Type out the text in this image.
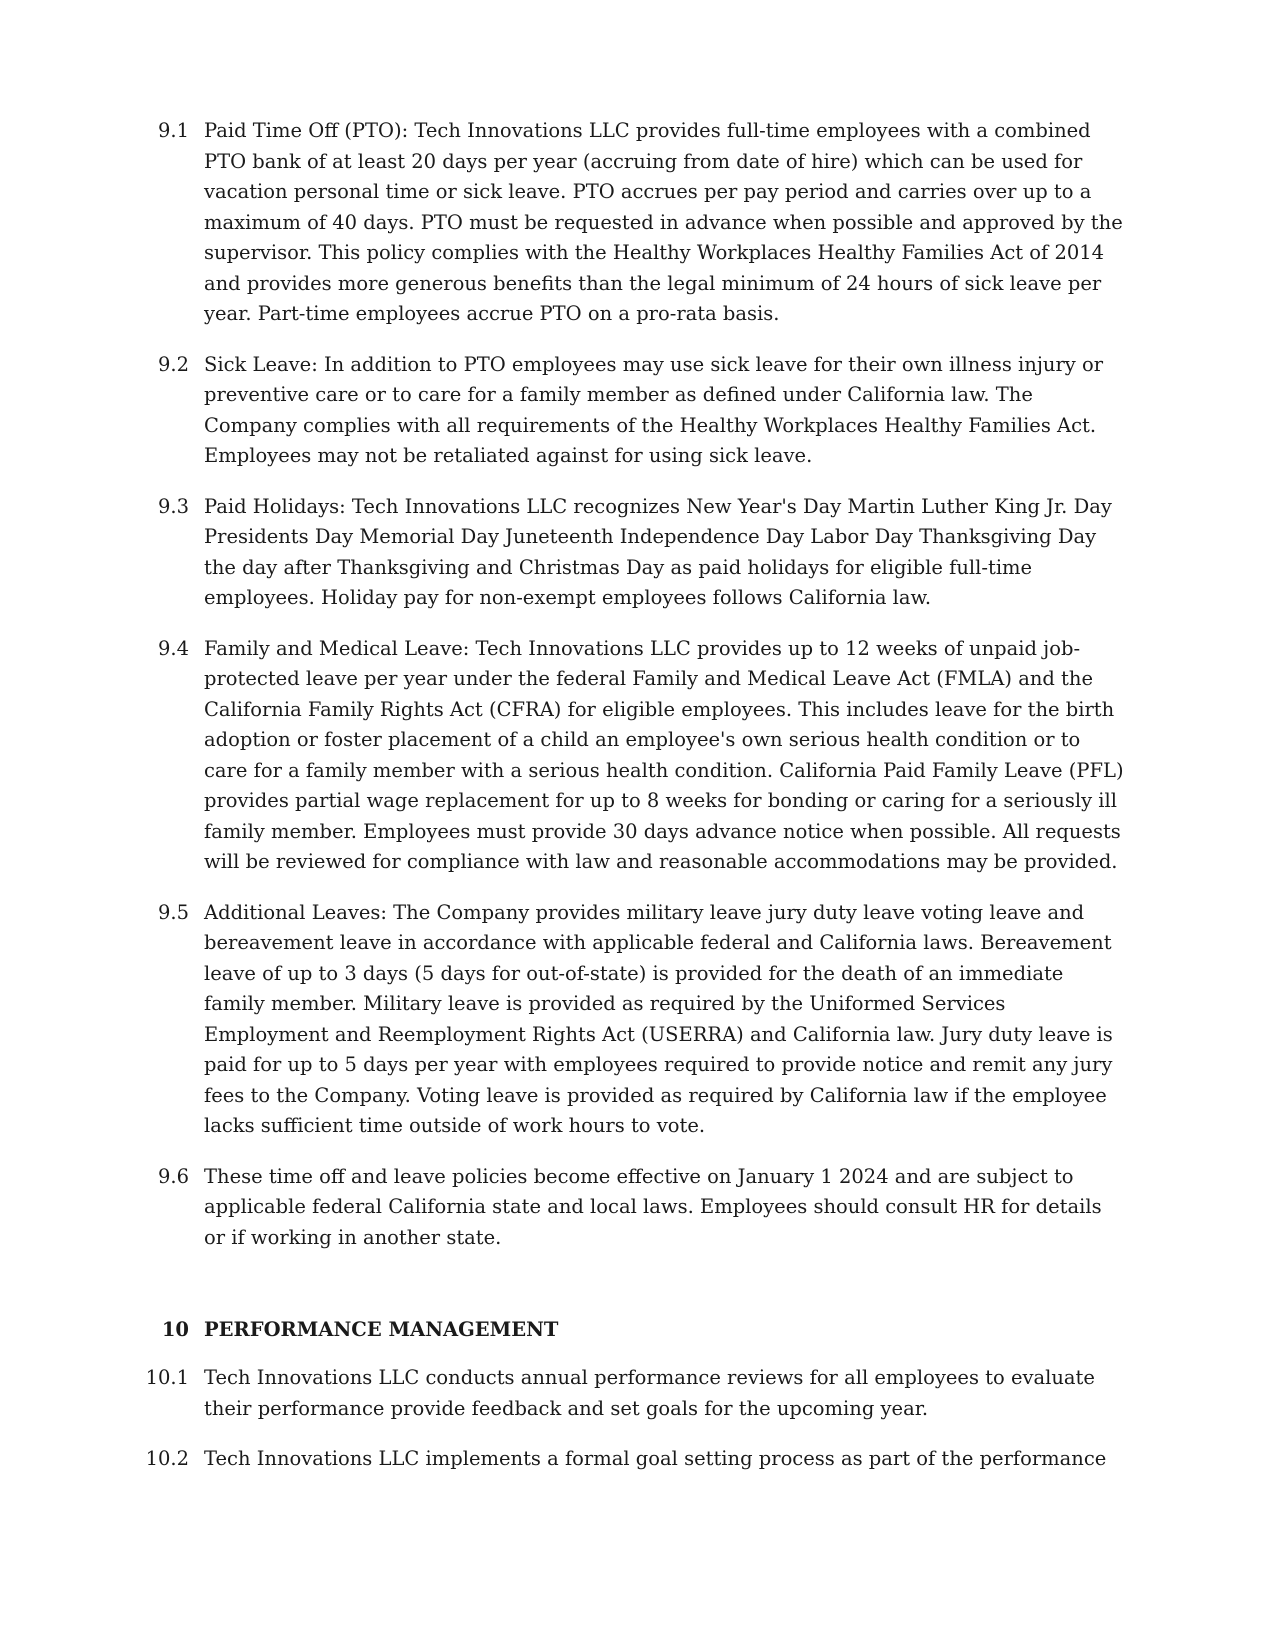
9.1 Paid Time Off (PTO): Tech Innovations LLC provides full-time employees with a combined PTO bank of at least 20 days per year (accruing from date of hire) which can be used for vacation personal time or sick leave. PTO accrues per pay period and carries over up to a maximum of 40 days. PTO must be requested in advance when possible and approved by the supervisor. This policy complies with the Healthy Workplaces Healthy Families Act of 2014 and provides more generous benefits than the legal minimum of 24 hours of sick leave per year. Part-time employees accrue PTO on a pro-rata basis.
9.2 Sick Leave: In addition to PTO employees may use sick leave for their own illness injury or preventive care or to care for a family member as defined under California law. The Company complies with all requirements of the Healthy Workplaces Healthy Families Act. Employees may not be retaliated against for using sick leave.
9.3 Paid Holidays: Tech Innovations LLC recognizes New Year's Day Martin Luther King Jr. Day Presidents Day Memorial Day Juneteenth Independence Day Labor Day Thanksgiving Day the day after Thanksgiving and Christmas Day as paid holidays for eligible full-time employees. Holiday pay for non-exempt employees follows California law.
9.4 Family and Medical Leave: Tech Innovations LLC provides up to 12 weeks of unpaid job-protected leave per year under the federal Family and Medical Leave Act (FMLA) and the California Family Rights Act (CFRA) for eligible employees. This includes leave for the birth adoption or foster placement of a child an employee's own serious health condition or to care for a family member with a serious health condition. California Paid Family Leave (PFL) provides partial wage replacement for up to 8 weeks for bonding or caring for a seriously ill family member. Employees must provide 30 days advance notice when possible. All requests will be reviewed for compliance with law and reasonable accommodations may be provided.
9.5 Additional Leaves: The Company provides military leave jury duty leave voting leave and bereavement leave in accordance with applicable federal and California laws. Bereavement leave of up to 3 days (5 days for out-of-state) is provided for the death of an immediate family member. Military leave is provided as required by the Uniformed Services Employment and Reemployment Rights Act (USERRA) and California law. Jury duty leave is paid for up to 5 days per year with employees required to provide notice and remit any jury fees to the Company. Voting leave is provided as required by California law if the employee lacks sufficient time outside of work hours to vote.
9.6 These time off and leave policies become effective on January 1 2024 and are subject to applicable federal California state and local laws. Employees should consult HR for details or if working in another state.
10 PERFORMANCE MANAGEMENT
10.1 Tech Innovations LLC conducts annual performance reviews for all employees to evaluate their performance provide feedback and set goals for the upcoming year.
10.2 Tech Innovations LLC implements a formal goal setting process as part of the performance
